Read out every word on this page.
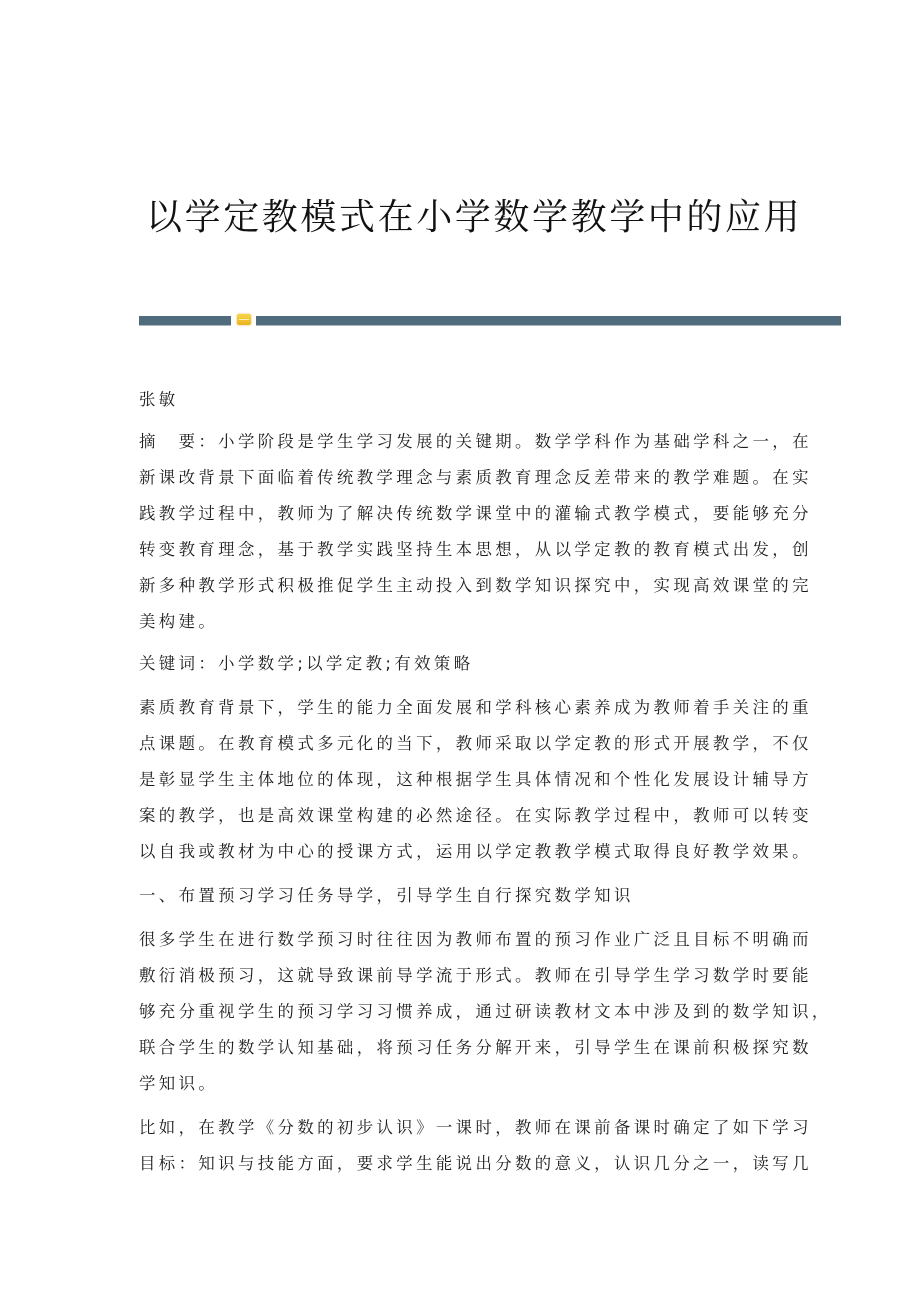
以学定教模式在小学数学教学中的应用
张敏
摘　要：小学阶段是学生学习发展的关键期。数学学科作为基础学科之一，在
新课改背景下面临着传统教学理念与素质教育理念反差带来的教学难题。在实
践教学过程中，教师为了解决传统数学课堂中的灌输式教学模式，要能够充分
转变教育理念，基于教学实践坚持生本思想，从以学定教的教育模式出发，创
新多种教学形式积极推促学生主动投入到数学知识探究中，实现高效课堂的完
美构建。
关键词：小学数学;以学定教;有效策略
素质教育背景下，学生的能力全面发展和学科核心素养成为教师着手关注的重
点课题。在教育模式多元化的当下，教师采取以学定教的形式开展教学，不仅
是彰显学生主体地位的体现，这种根据学生具体情况和个性化发展设计辅导方
案的教学，也是高效课堂构建的必然途径。在实际教学过程中，教师可以转变
以自我或教材为中心的授课方式，运用以学定教教学模式取得良好教学效果。
一、布置预习学习任务导学，引导学生自行探究数学知识
很多学生在进行数学预习时往往因为教师布置的预习作业广泛且目标不明确而
敷衍消极预习，这就导致课前导学流于形式。教师在引导学生学习数学时要能
够充分重视学生的预习学习习惯养成，通过研读教材文本中涉及到的数学知识，
联合学生的数学认知基础，将预习任务分解开来，引导学生在课前积极探究数
学知识。
比如，在教学《分数的初步认识》一课时，教师在课前备课时确定了如下学习
目标：知识与技能方面，要求学生能说出分数的意义，认识几分之一，读写几
